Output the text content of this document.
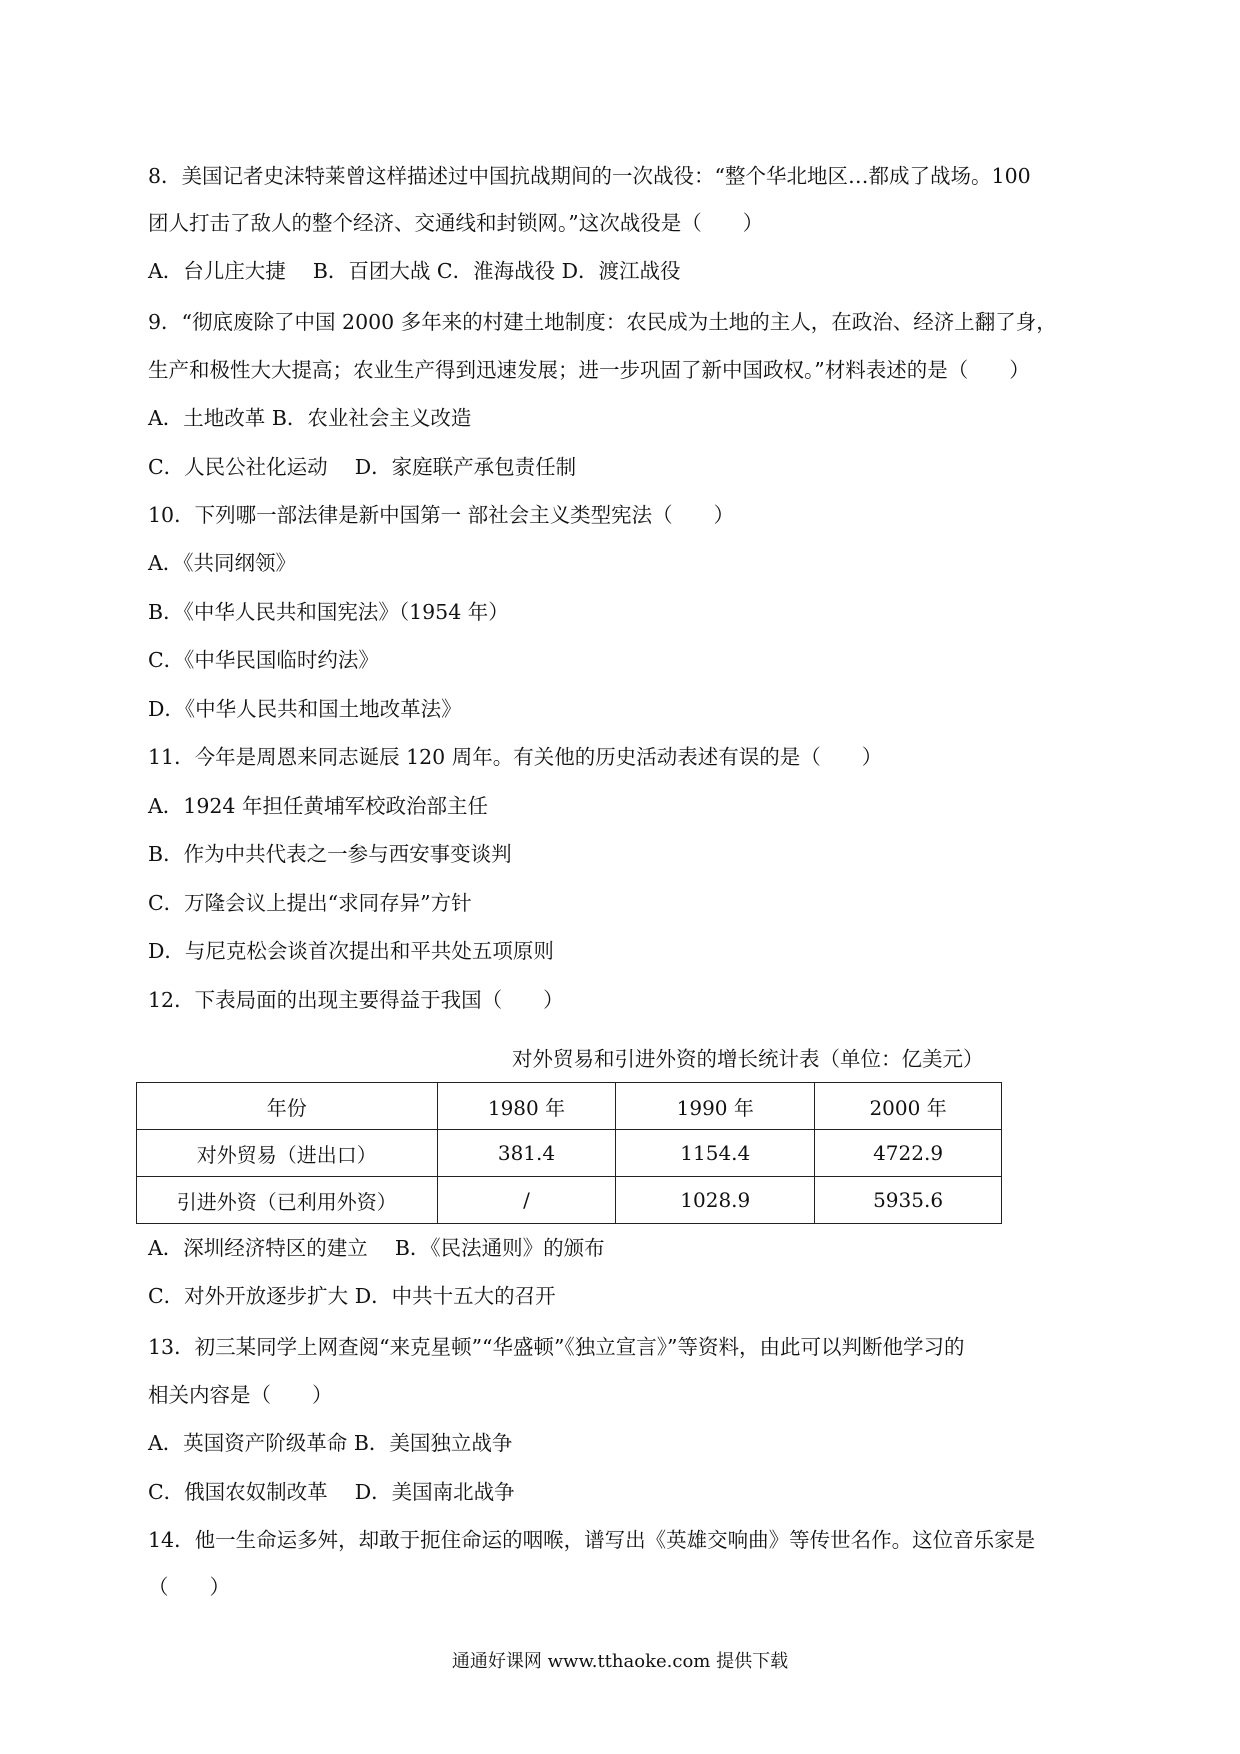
8．美国记者史沫特莱曾这样描述过中国抗战期间的一次战役：“整个华北地区…都成了战场。100
团人打击了敌人的整个经济、交通线和封锁网。”这次战役是（　　）
A．台儿庄大捷　 B．百团大战 C．淮海战役 D．渡江战役
9．“彻底废除了中国 2000 多年来的村建土地制度：农民成为土地的主人，在政治、经济上翻了身，
生产和极性大大提高；农业生产得到迅速发展；进一步巩固了新中国政权。”材料表述的是（　　）
A．土地改革 B．农业社会主义改造
C．人民公社化运动　 D．家庭联产承包责任制
10．下列哪一部法律是新中国第一 部社会主义类型宪法（　　）
A．《共同纲领》
B．《中华人民共和国宪法》（1954 年）
C．《中华民国临时约法》
D．《中华人民共和国土地改革法》
11．今年是周恩来同志诞辰 120 周年。有关他的历史活动表述有误的是（　　）
A．1924 年担任黄埔军校政治部主任
B．作为中共代表之一参与西安事变谈判
C．万隆会议上提出“求同存异”方针
D．与尼克松会谈首次提出和平共处五项原则
12．下表局面的出现主要得益于我国（　　）
对外贸易和引进外资的增长统计表（单位：亿美元）
年份	1980 年	1990 年	2000 年
对外贸易（进出口）	381.4	1154.4	4722.9
引进外资（已利用外资）	/	1028.9	5935.6
A．深圳经济特区的建立　 B．《民法通则》的颁布
C．对外开放逐步扩大 D．中共十五大的召开
13．初三某同学上网查阅“来克星顿”“华盛顿”《独立宣言》”等资料，由此可以判断他学习的
相关内容是（　　）
A．英国资产阶级革命 B．美国独立战争
C．俄国农奴制改革　 D．美国南北战争
14．他一生命运多舛，却敢于扼住命运的咽喉，谱写出《英雄交响曲》等传世名作。这位音乐家是
（　　）
通通好课网 www.tthaoke.com 提供下载
